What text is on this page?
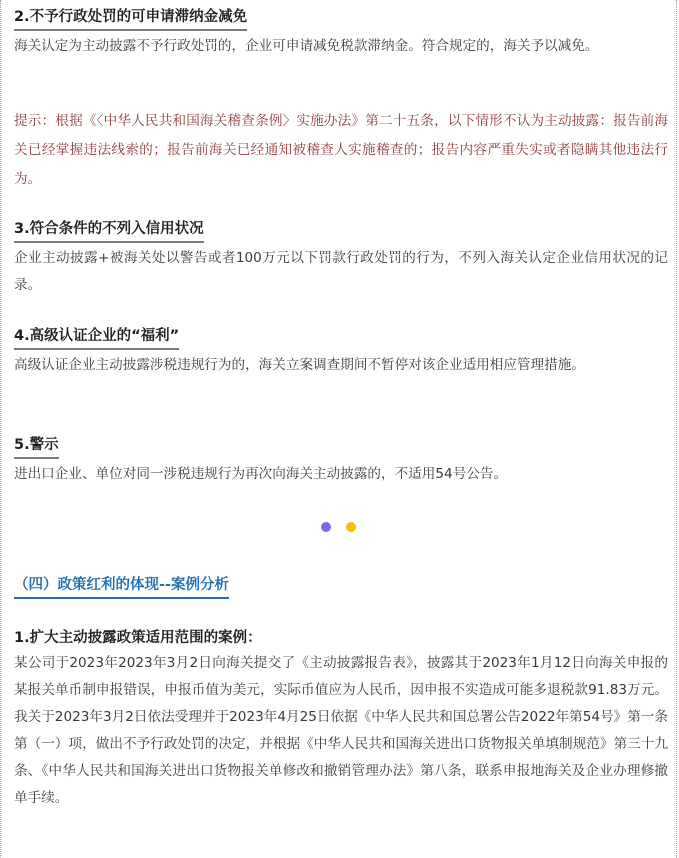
2.不予行政处罚的可申请滞纳金减免

海关认定为主动披露不予行政处罚的，企业可申请减免税款滞纳金。符合规定的，海关予以减免。

提示：根据《〈中华人民共和国海关稽查条例〉实施办法》第二十五条，以下情形不认为主动披露：报告前海关已经掌握违法线索的；报告前海关已经通知被稽查人实施稽查的；报告内容严重失实或者隐瞒其他违法行为。
3.符合条件的不列入信用状况

企业主动披露+被海关处以警告或者100万元以下罚款行政处罚的行为，不列入海关认定企业信用状况的记录。

4.高级认证企业的“福利”

高级认证企业主动披露涉税违规行为的，海关立案调查期间不暂停对该企业适用相应管理措施。

5.警示

进出口企业、单位对同一涉税违规行为再次向海关主动披露的，不适用54号公告。

（四）政策红利的体现--案例分析
1.扩大主动披露政策适用范围的案例：

某公司于2023年2023年3月2日向海关提交了《主动披露报告表》，披露其于2023年1月12日向海关申报的某报关单币制申报错误，申报币值为美元，实际币值应为人民币，因申报不实造成可能多退税款91.83万元。我关于2023年3月2日依法受理并于2023年4月25日依据《中华人民共和国总署公告2022年第54号》第一条第（一）项，做出不予行政处罚的决定，并根据《中华人民共和国海关进出口货物报关单填制规范》第三十九条、《中华人民共和国海关进出口货物报关单修改和撤销管理办法》第八条，联系申报地海关及企业办理修撤单手续。
